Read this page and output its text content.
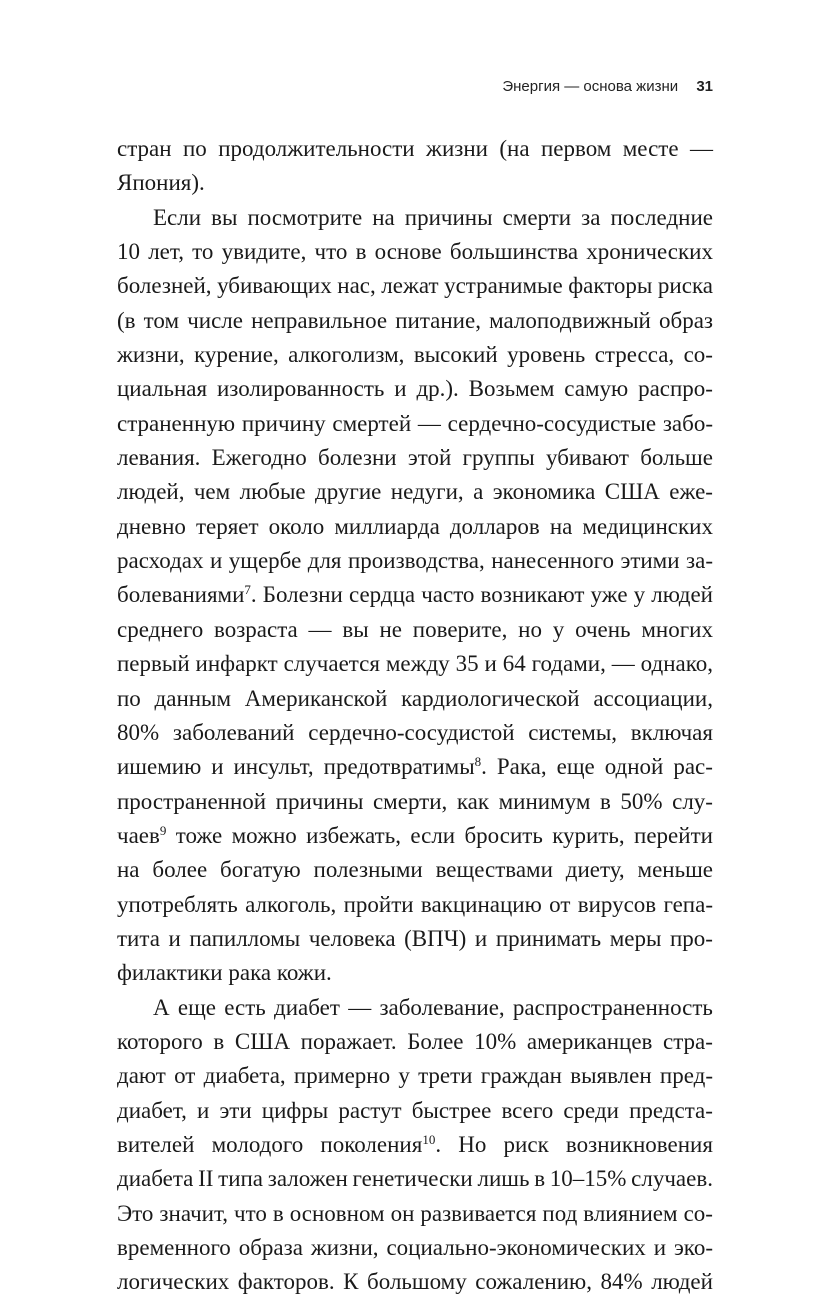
Энергия — основа жизни 31
стран по продолжительности жизни (на первом месте —
Япония).
Если вы посмотрите на причины смерти за последние
10 лет, то увидите, что в основе большинства хронических
болезней, убивающих нас, лежат устранимые факторы риска
(в том числе неправильное питание, малоподвижный образ
жизни, курение, алкоголизм, высокий уровень стресса, со-
циальная изолированность и др.). Возьмем самую распро-
страненную причину смертей — сердечно-сосудистые забо-
левания. Ежегодно болезни этой группы убивают больше
людей, чем любые другие недуги, а экономика США еже-
дневно теряет около миллиарда долларов на медицинских
расходах и ущербе для производства, нанесенного этими за-
болеваниями$^7$. Болезни сердца часто возникают уже у людей
среднего возраста — вы не поверите, но у очень многих
первый инфаркт случается между 35 и 64 годами, — однако,
по данным Американской кардиологической ассоциации,
80% заболеваний сердечно-сосудистой системы, включая
ишемию и инсульт, предотвратимы$^8$. Рака, еще одной рас-
пространенной причины смерти, как минимум в 50% слу-
чаев$^9$ тоже можно избежать, если бросить курить, перейти
на более богатую полезными веществами диету, меньше
употреблять алкоголь, пройти вакцинацию от вирусов гепа-
тита и папилломы человека (ВПЧ) и принимать меры про-
филактики
рака
кожи.
А еще есть диабет — заболевание, распространенность
которого в США поражает. Более 10% американцев стра-
дают от диабета, примерно у трети граждан выявлен пред-
диабет, и эти цифры растут быстрее всего среди предста-
вителей молодого поколения$^{10}$. Но риск возникновения
диабета II типа заложен генетически лишь в 10–15% случаев.
Это значит, что в основном он развивается под влиянием со-
временного образа жизни, социально-экономических и эко-
логических факторов. К большому сожалению, 84% людей
